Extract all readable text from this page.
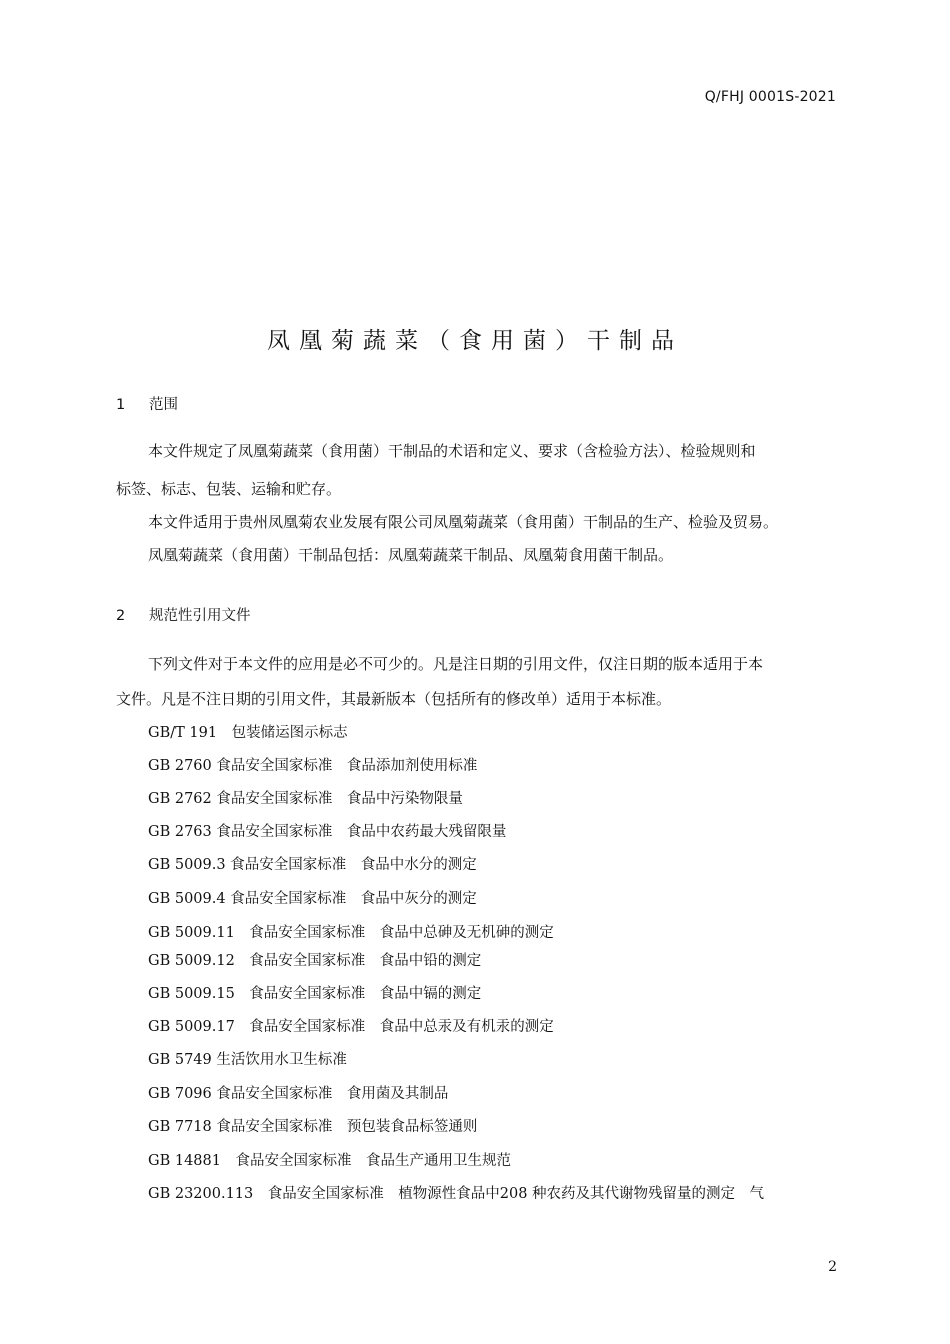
Q/FHJ 0001S-2021
凤凰菊蔬菜（食用菌）干制品
1 范围
本文件规定了凤凰菊蔬菜（食用菌）干制品的术语和定义、要求（含检验方法）、检验规则和
标签、标志、包装、运输和贮存。
本文件适用于贵州凤凰菊农业发展有限公司凤凰菊蔬菜（食用菌）干制品的生产、检验及贸易。
凤凰菊蔬菜（食用菌）干制品包括：凤凰菊蔬菜干制品、凤凰菊食用菌干制品。
2 规范性引用文件
下列文件对于本文件的应用是必不可少的。凡是注日期的引用文件，仅注日期的版本适用于本
文件。凡是不注日期的引用文件，其最新版本（包括所有的修改单）适用于本标准。
GB/T 191　包装储运图示标志
GB 2760 食品安全国家标准　食品添加剂使用标准
GB 2762 食品安全国家标准　食品中污染物限量
GB 2763 食品安全国家标准　食品中农药最大残留限量
GB 5009.3 食品安全国家标准　食品中水分的测定
GB 5009.4 食品安全国家标准　食品中灰分的测定
GB 5009.11　食品安全国家标准　食品中总砷及无机砷的测定
GB 5009.12　食品安全国家标准　食品中铅的测定
GB 5009.15　食品安全国家标准　食品中镉的测定
GB 5009.17　食品安全国家标准　食品中总汞及有机汞的测定
GB 5749 生活饮用水卫生标准
GB 7096 食品安全国家标准　食用菌及其制品
GB 7718 食品安全国家标准　预包装食品标签通则
GB 14881　食品安全国家标准　食品生产通用卫生规范
GB 23200.113　食品安全国家标准　植物源性食品中208 种农药及其代谢物残留量的测定　气
2
